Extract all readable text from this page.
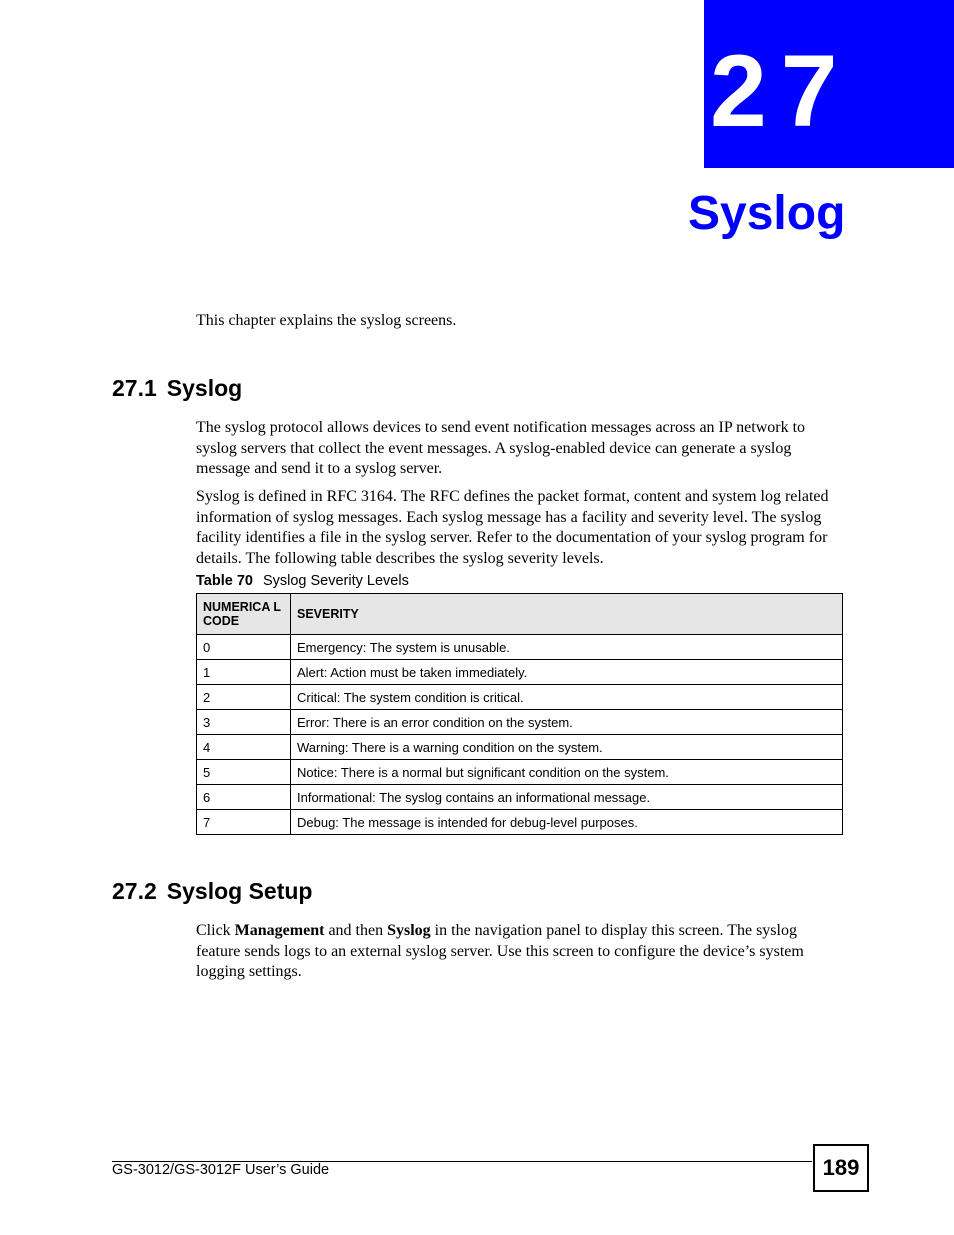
27
Syslog

This chapter explains the syslog screens.

27.1 Syslog

The syslog protocol allows devices to send event notification messages across an IP network to syslog servers that collect the event messages. A syslog-enabled device can generate a syslog message and send it to a syslog server.

Syslog is defined in RFC 3164. The RFC defines the packet format, content and system log related information of syslog messages. Each syslog message has a facility and severity level. The syslog facility identifies a file in the syslog server. Refer to the documentation of your syslog program for details. The following table describes the syslog severity levels.

Table 70 Syslog Severity Levels
NUMERICA L CODE	SEVERITY
0	Emergency: The system is unusable.
1	Alert: Action must be taken immediately.
2	Critical: The system condition is critical.
3	Error: There is an error condition on the system.
4	Warning: There is a warning condition on the system.
5	Notice: There is a normal but significant condition on the system.
6	Informational: The syslog contains an informational message.
7	Debug: The message is intended for debug-level purposes.
27.2 Syslog Setup

Click Management and then Syslog in the navigation panel to display this screen. The syslog feature sends logs to an external syslog server. Use this screen to configure the device’s system logging settings.

GS-3012/GS-3012F User’s Guide	189
